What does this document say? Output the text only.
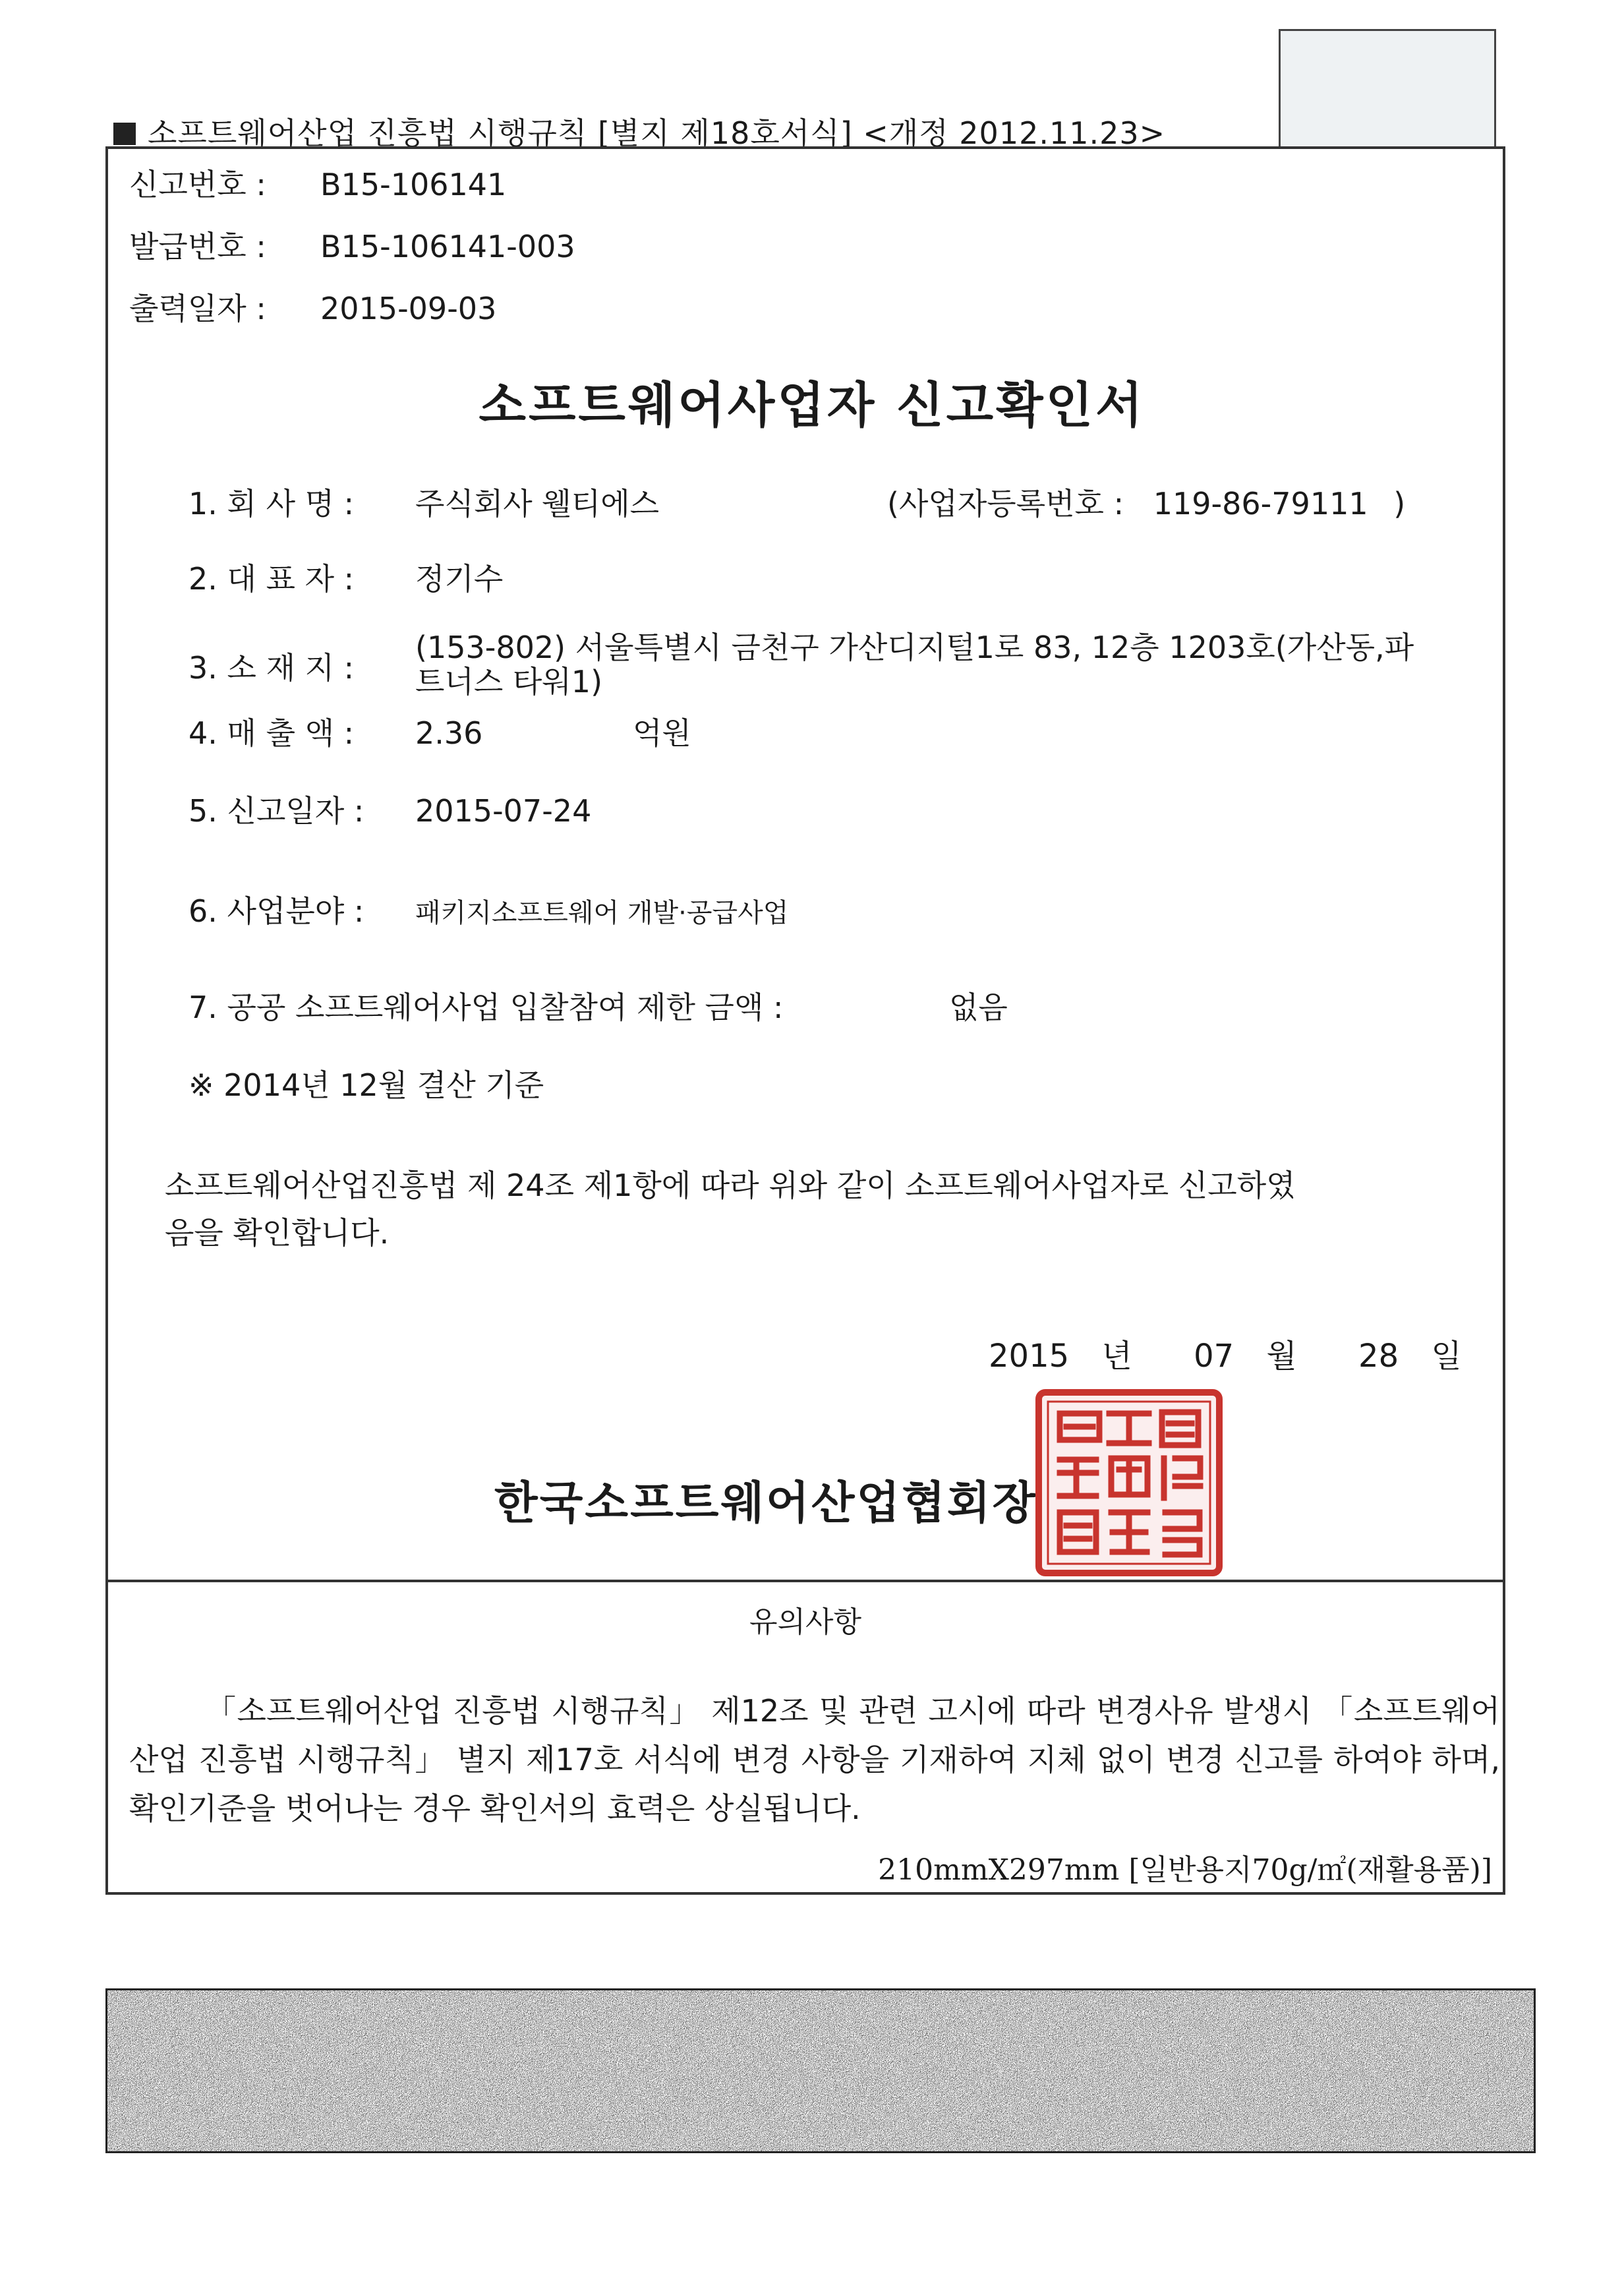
소프트웨어산업 진흥법 시행규칙 [별지 제18호서식] <개정 2012.11.23>
신고번호 : B15-106141
발급번호 : B15-106141-003
출력일자 : 2015-09-03
소프트웨어사업자 신고확인서
1. 회 사 명 : 주식회사 웰티에스	(사업자등록번호 : 119-86-79111 )
2. 대 표 자 : 정기수
3. 소 재 지 :(153-802) 서울특별시 금천구 가산디지털1로 83, 12층 1203호(가산동,파
트너스 타워1)
4. 매 출 액 : 2.36	억원
5. 신고일자 : 2015-07-24
6. 사업분야 : 패키지소프트웨어 개발·공급사업
7. 공공 소프트웨어사업 입찰참여 제한 금액 :	없음
※ 2014년 12월 결산 기준
소프트웨어산업진흥법 제 24조 제1항에 따라 위와 같이 소프트웨어사업자로 신고하였
음을 확인합니다.
2015 년 07 월 28 일
한국소프트웨어산업협회장
유의사항
「소프트웨어산업 진흥법 시행규칙」 제12조 및 관련 고시에 따라 변경사유 발생시 「소프트웨어산업 진흥법 시행규칙」 별지 제17호 서식에 변경 사항을 기재하여 지체 없이 변경 신고를 하여야 하며, 확인기준을 벗어나는 경우 확인서의 효력은 상실됩니다.
210mmX297mm [일반용지70g/㎡(재활용품)]
